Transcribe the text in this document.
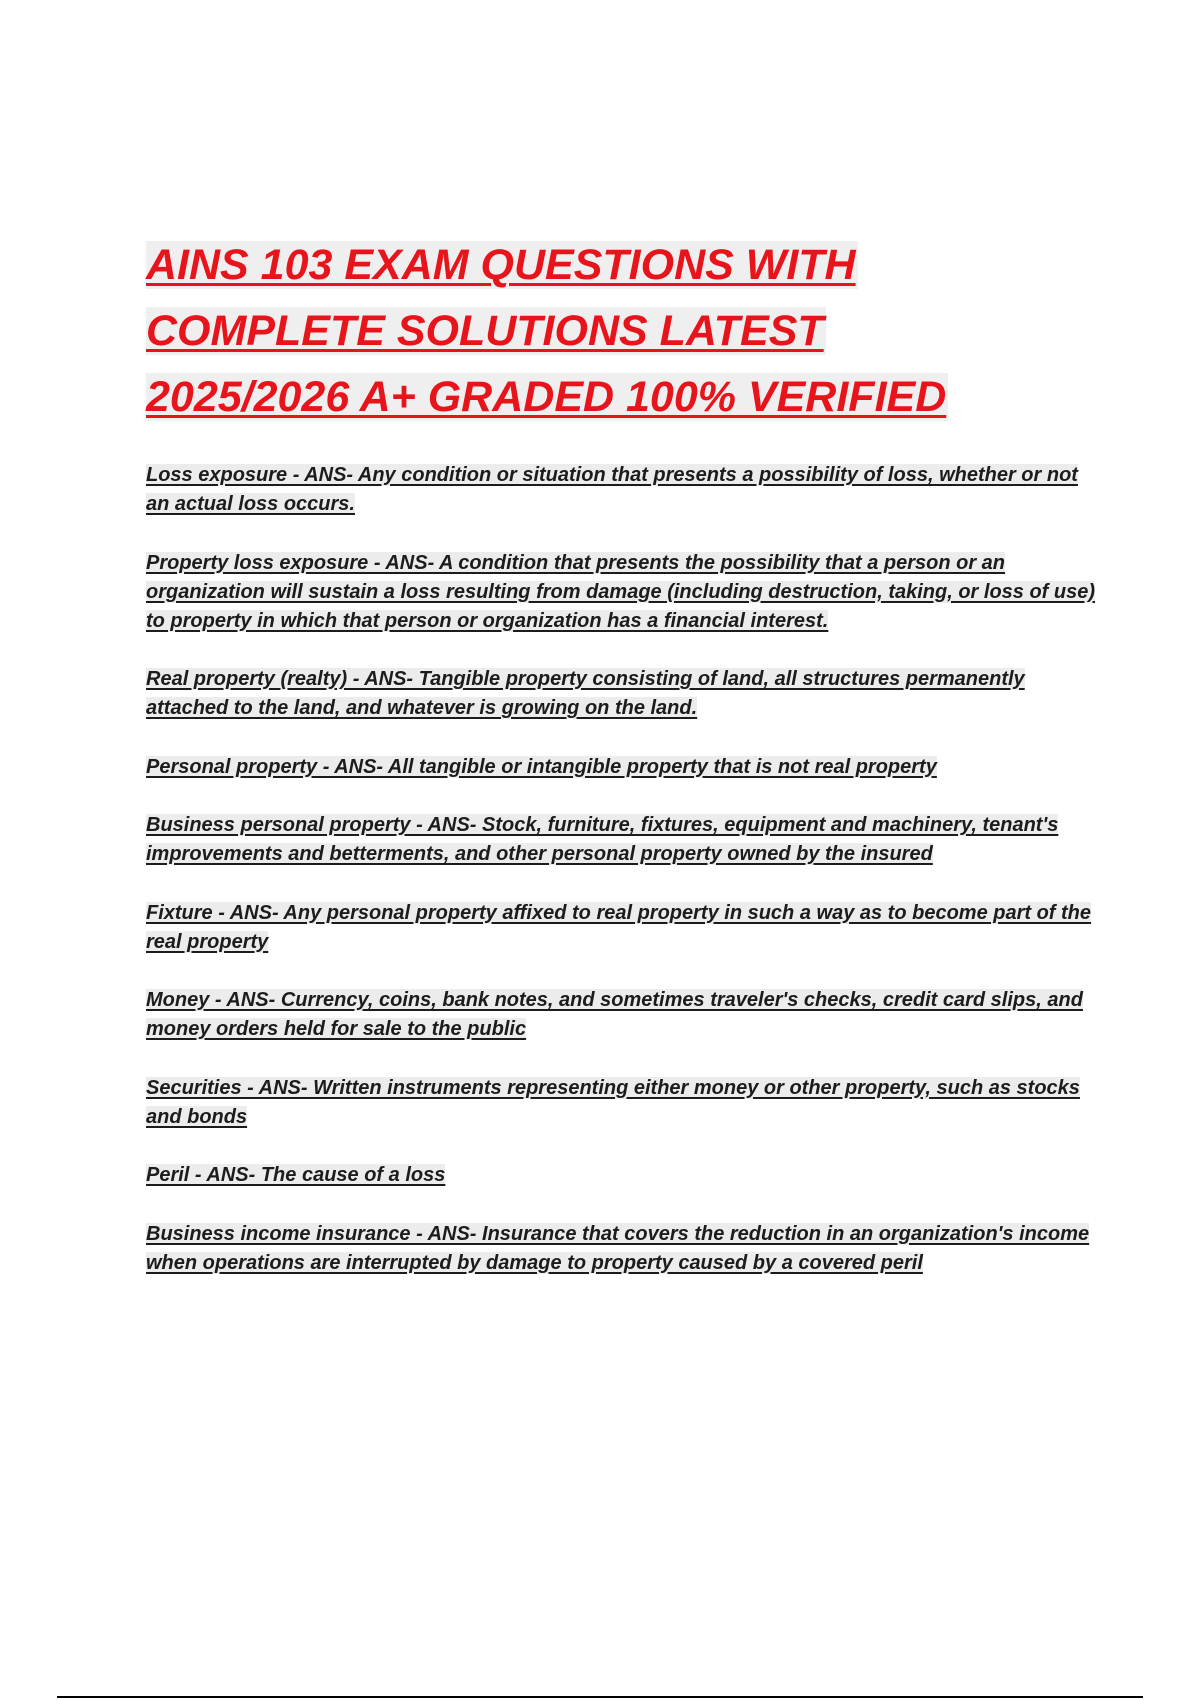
AINS 103 EXAM QUESTIONS WITH
COMPLETE SOLUTIONS LATEST
2025/2026 A+ GRADED 100% VERIFIED
Loss exposure - ANS- Any condition or situation that presents a possibility of loss, whether or not an actual loss occurs.
Property loss exposure - ANS- A condition that presents the possibility that a person or an organization will sustain a loss resulting from damage (including destruction, taking, or loss of use) to property in which that person or organization has a financial interest.
Real property (realty) - ANS- Tangible property consisting of land, all structures permanently attached to the land, and whatever is growing on the land.
Personal property - ANS- All tangible or intangible property that is not real property
Business personal property - ANS- Stock, furniture, fixtures, equipment and machinery, tenant's improvements and betterments, and other personal property owned by the insured
Fixture - ANS- Any personal property affixed to real property in such a way as to become part of the real property
Money - ANS- Currency, coins, bank notes, and sometimes traveler's checks, credit card slips, and money orders held for sale to the public
Securities - ANS- Written instruments representing either money or other property, such as stocks and bonds
Peril - ANS- The cause of a loss
Business income insurance - ANS- Insurance that covers the reduction in an organization's income when operations are interrupted by damage to property caused by a covered peril
